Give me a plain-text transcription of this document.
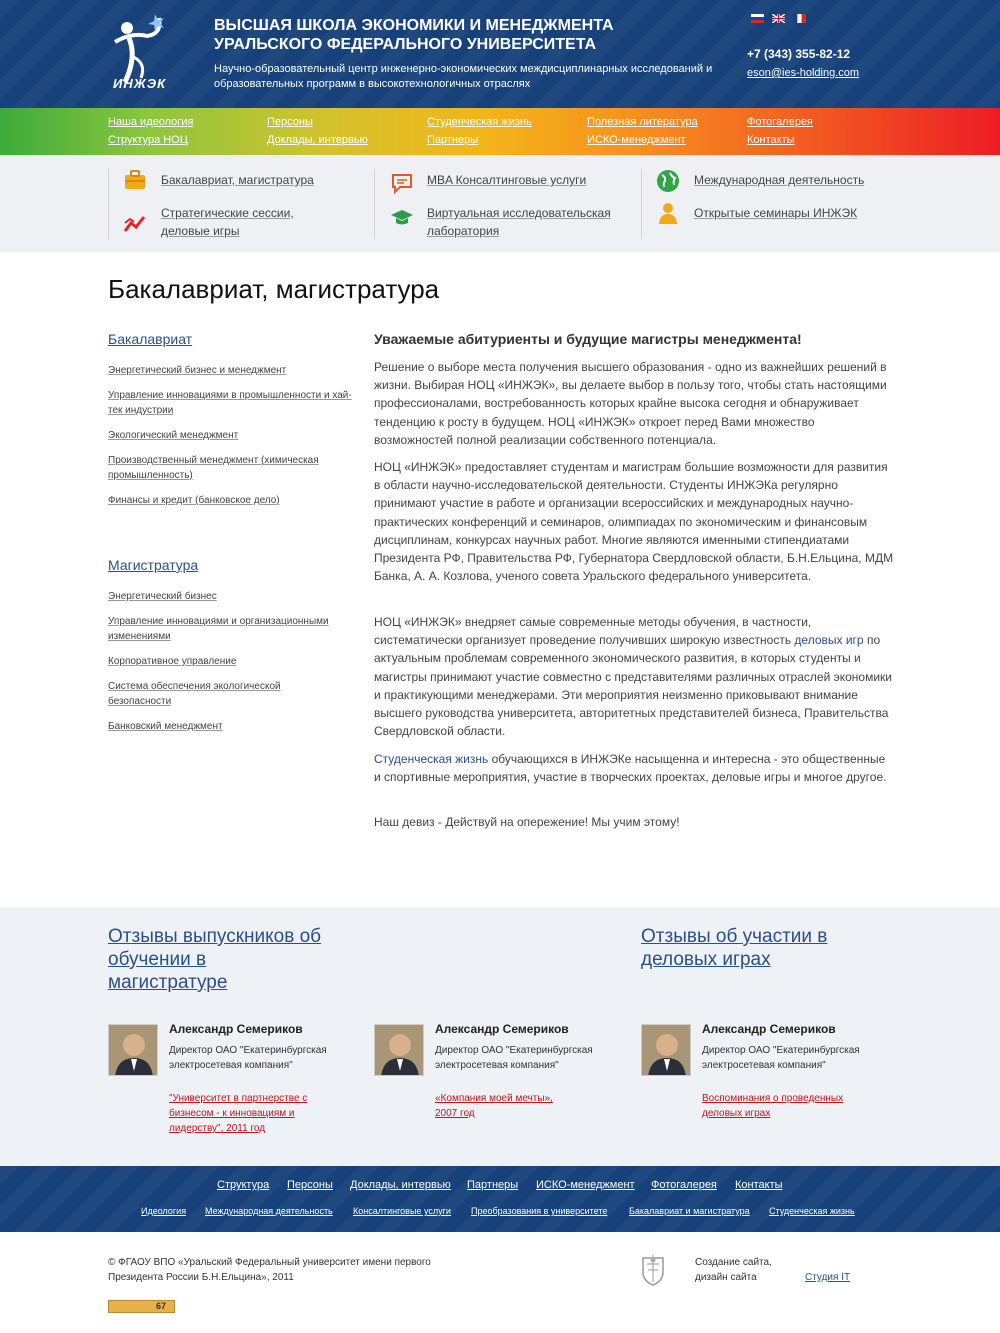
ИНЖЭК
ВЫСШАЯ ШКОЛА ЭКОНОМИКИ И МЕНЕДЖМЕНТА УРАЛЬСКОГО ФЕДЕРАЛЬНОГО УНИВЕРСИТЕТА
Научно-образовательный центр инженерно-экономических междисциплинарных исследований и образовательных программ в высокотехнологичных отраслях
+7 (343) 355-82-12
eson@ies-holding.com
Наша идеология
Структура НОЦ
Персоны
Доклады, интервью
Студенческая жизнь
Партнеры
Полезная литература
ИСКО-менеджмент
Фотогалерея
Контакты
Бакалавриат, магистратура
Стратегические сессии, деловые игры
MBA Консалтинговые услуги
Виртуальная исследовательская лаборатория
Международная деятельность
Открытые семинары ИНЖЭК
Бакалавриат, магистратура
Бакалавриат
Энергетический бизнес и менеджмент
Управление инновациями в промышленности и хай-тек индустрии
Экологический менеджмент
Производственный менеджмент (химическая промышленность)
Финансы и кредит (банковское дело)
Магистратура
Энергетический бизнес
Управление инновациями и организационными изменениями
Корпоративное управление
Система обеспечения экологической безопасности
Банковский менеджмент
Уважаемые абитуриенты и будущие магистры менеджмента!

Решение о выборе места получения высшего образования - одно из важнейших решений в жизни. Выбирая НОЦ «ИНЖЭК», вы делаете выбор в пользу того, чтобы стать настоящими профессионалами, востребованность которых крайне высока сегодня и обнаруживает тенденцию к росту в будущем. НОЦ «ИНЖЭК» откроет перед Вами множество возможностей полной реализации собственного потенциала.

НОЦ «ИНЖЭК» предоставляет студентам и магистрам большие возможности для развития в области научно-исследовательской деятельности. Студенты ИНЖЭКа регулярно принимают участие в работе и организации всероссийских и международных научно-практических конференций и семинаров, олимпиадах по экономическим и финансовым дисциплинам, конкурсах научных работ. Многие являются именными стипендиатами Президента РФ, Правительства РФ, Губернатора Свердловской области, Б.Н.Ельцина, МДМ Банка, А. А. Козлова, ученого совета Уральского федерального университета.

НОЦ «ИНЖЭК» внедряет самые современные методы обучения, в частности, систематически организует проведение получивших широкую известность деловых игр по актуальным проблемам современного экономического развития, в которых студенты и магистры принимают участие совместно с представителями различных отраслей экономики и практикующими менеджерами. Эти мероприятия неизменно приковывают внимание высшего руководства университета, авторитетных представителей бизнеса, Правительства Свердловской области.

Студенческая жизнь обучающихся в ИНЖЭКе насыщенна и интересна - это общественные и спортивные мероприятия, участие в творческих проектах, деловые игры и многое другое.

Наш девиз - Действуй на опережение! Мы учим этому!

Отзывы выпускников об обучении в магистратуре
Отзывы об участии в деловых играх
Александр Семериков
Директор ОАО "Екатеринбургская электросетевая компания"
"Университет в партнерстве с бизнесом - к инновациям и лидерству", 2011 год
Александр Семериков
Директор ОАО "Екатеринбургская электросетевая компания"
«Компания моей мечты», 2007 год
Александр Семериков
Директор ОАО "Екатеринбургская электросетевая компания"
Воспоминания о проведенных деловых играх
Структура Персоны Доклады, интервью Партнеры ИСКО-менеджмент Фотогалерея Контакты
Идеология Международная деятельность Консалтинговые услуги Преобразования в университете Бакалавриат и магистратура Студенческая жизнь
© ФГАОУ ВПО «Уральский Федеральный университет имени первого Президента России Б.Н.Ельцина», 2011
Создание сайта, дизайн сайта	Студия IT
67
